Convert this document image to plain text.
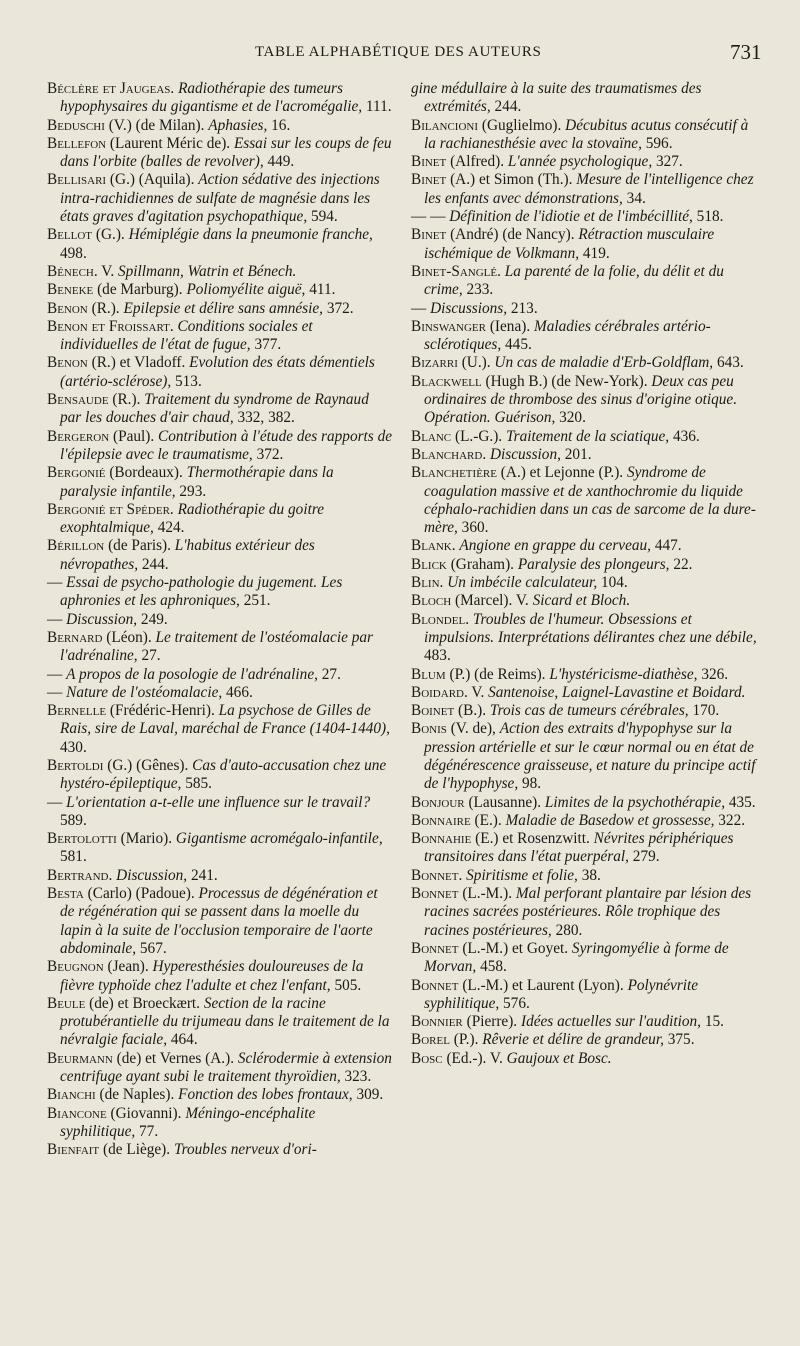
TABLE ALPHABÉTIQUE DES AUTEURS	731

Béclère et Jaugeas. Radiothérapie des tumeurs hypophysaires du gigantisme et de l'acromégalie, 111.

Beduschi (V.) (de Milan). Aphasies, 16.

Bellefon (Laurent Méric de). Essai sur les coups de feu dans l'orbite (balles de revolver), 449.

Bellisari (G.) (Aquila). Action sédative des injections intra-rachidiennes de sulfate de magnésie dans les états graves d'agitation psychopathique, 594.

Bellot (G.). Hémiplégie dans la pneumonie franche, 498.

Bénech. V. Spillmann, Watrin et Bénech.

Beneke (de Marburg). Poliomyélite aiguë, 411.

Benon (R.). Epilepsie et délire sans amnésie, 372.

Benon et Froissart. Conditions sociales et individuelles de l'état de fugue, 377.

Benon (R.) et Vladoff. Evolution des états démentiels (artério-sclérose), 513.

Bensaude (R.). Traitement du syndrome de Raynaud par les douches d'air chaud, 332, 382.

Bergeron (Paul). Contribution à l'étude des rapports de l'épilepsie avec le traumatisme, 372.

Bergonié (Bordeaux). Thermothérapie dans la paralysie infantile, 293.

Bergonié et Spéder. Radiothérapie du goitre exophtalmique, 424.

Bérillon (de Paris). L'habitus extérieur des névropathes, 244.

— Essai de psycho-pathologie du jugement. Les aphronies et les aphroniques, 251.

— Discussion, 249.

Bernard (Léon). Le traitement de l'ostéomalacie par l'adrénaline, 27.

— A propos de la posologie de l'adrénaline, 27.

— Nature de l'ostéomalacie, 466.

Bernelle (Frédéric-Henri). La psychose de Gilles de Rais, sire de Laval, maréchal de France (1404-1440), 430.

Bertoldi (G.) (Gênes). Cas d'auto-accusation chez une hystéro-épileptique, 585.

— L'orientation a-t-elle une influence sur le travail? 589.

Bertolotti (Mario). Gigantisme acromégalo-infantile, 581.

Bertrand. Discussion, 241.

Besta (Carlo) (Padoue). Processus de dégénération et de régénération qui se passent dans la moelle du lapin à la suite de l'occlusion temporaire de l'aorte abdominale, 567.

Beugnon (Jean). Hyperesthésies douloureuses de la fièvre typhoïde chez l'adulte et chez l'enfant, 505.

Beule (de) et Broeckært. Section de la racine protubérantielle du trijumeau dans le traitement de la névralgie faciale, 464.

Beurmann (de) et Vernes (A.). Sclérodermie à extension centrifuge ayant subi le traitement thyroïdien, 323.

Bianchi (de Naples). Fonction des lobes frontaux, 309.

Biancone (Giovanni). Méningo-encéphalite syphilitique, 77.

Bienfait (de Liège). Troubles nerveux d'ori-

gine médullaire à la suite des traumatismes des extrémités, 244.

Bilancioni (Guglielmo). Décubitus acutus consécutif à la rachianesthésie avec la stovaïne, 596.

Binet (Alfred). L'année psychologique, 327.

Binet (A.) et Simon (Th.). Mesure de l'intelligence chez les enfants avec démonstrations, 34.

— — Définition de l'idiotie et de l'imbécillité, 518.

Binet (André) (de Nancy). Rétraction musculaire ischémique de Volkmann, 419.

Binet-Sanglé. La parenté de la folie, du délit et du crime, 233.

— Discussions, 213.

Binswanger (Iena). Maladies cérébrales artério-sclérotiques, 445.

Bizarri (U.). Un cas de maladie d'Erb-Goldflam, 643.

Blackwell (Hugh B.) (de New-York). Deux cas peu ordinaires de thrombose des sinus d'origine otique. Opération. Guérison, 320.

Blanc (L.-G.). Traitement de la sciatique, 436.

Blanchard. Discussion, 201.

Blanchetière (A.) et Lejonne (P.). Syndrome de coagulation massive et de xanthochromie du liquide céphalo-rachidien dans un cas de sarcome de la dure-mère, 360.

Blank. Angione en grappe du cerveau, 447.

Blick (Graham). Paralysie des plongeurs, 22.

Blin. Un imbécile calculateur, 104.

Bloch (Marcel). V. Sicard et Bloch.

Blondel. Troubles de l'humeur. Obsessions et impulsions. Interprétations délirantes chez une débile, 483.

Blum (P.) (de Reims). L'hystéricisme-diathèse, 326.

Boidard. V. Santenoise, Laignel-Lavastine et Boidard.

Boinet (B.). Trois cas de tumeurs cérébrales, 170.

Bonis (V. de), Action des extraits d'hypophyse sur la pression artérielle et sur le cœur normal ou en état de dégénérescence graisseuse, et nature du principe actif de l'hypophyse, 98.

Bonjour (Lausanne). Limites de la psychothérapie, 435.

Bonnaire (E.). Maladie de Basedow et grossesse, 322.

Bonnahie (E.) et Rosenzwitt. Névrites périphériques transitoires dans l'état puerpéral, 279.

Bonnet. Spiritisme et folie, 38.

Bonnet (L.-M.). Mal perforant plantaire par lésion des racines sacrées postérieures. Rôle trophique des racines postérieures, 280.

Bonnet (L.-M.) et Goyet. Syringomyélie à forme de Morvan, 458.

Bonnet (L.-M.) et Laurent (Lyon). Polynévrite syphilitique, 576.

Bonnier (Pierre). Idées actuelles sur l'audition, 15.

Borel (P.). Rêverie et délire de grandeur, 375.

Bosc (Ed.-). V. Gaujoux et Bosc.
